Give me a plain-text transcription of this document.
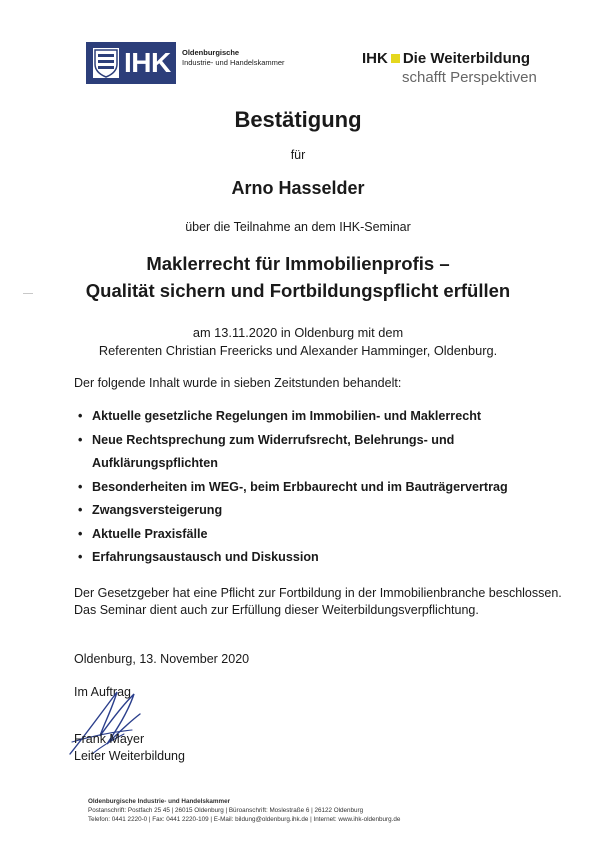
IHK Oldenburgische
Industrie- und Handelskammer	IHK Die Weiterbildung
schafft Perspektiven
Bestätigung
für
Arno Hasselder
über die Teilnahme an dem IHK-Seminar
Maklerrecht für Immobilienprofis –
Qualität sichern und Fortbildungspflicht erfüllen
am 13.11.2020 in Oldenburg mit dem
Referenten Christian Freericks und Alexander Hamminger, Oldenburg.
Der folgende Inhalt wurde in sieben Zeitstunden behandelt:
• Aktuelle gesetzliche Regelungen im Immobilien- und Maklerrecht
• Neue Rechtsprechung zum Widerrufsrecht, Belehrungs- und
Aufklärungspflichten
• Besonderheiten im WEG-, beim Erbbaurecht und im Bauträgervertrag
• Zwangsversteigerung
• Aktuelle Praxisfälle
• Erfahrungsaustausch und Diskussion
Der Gesetzgeber hat eine Pflicht zur Fortbildung in der Immobilienbranche beschlossen.
Das Seminar dient auch zur Erfüllung dieser Weiterbildungsverpflichtung.
Oldenburg, 13. November 2020
Im Auftrag
Frank Mayer
Leiter Weiterbildung
Oldenburgische Industrie- und Handelskammer
Postanschrift: Postfach 25 45 | 26015 Oldenburg | Büroanschrift: Moslestraße 6 | 26122 Oldenburg
Telefon: 0441 2220-0 | Fax: 0441 2220-109 | E-Mail: bildung@oldenburg.ihk.de | Internet: www.ihk-oldenburg.de
